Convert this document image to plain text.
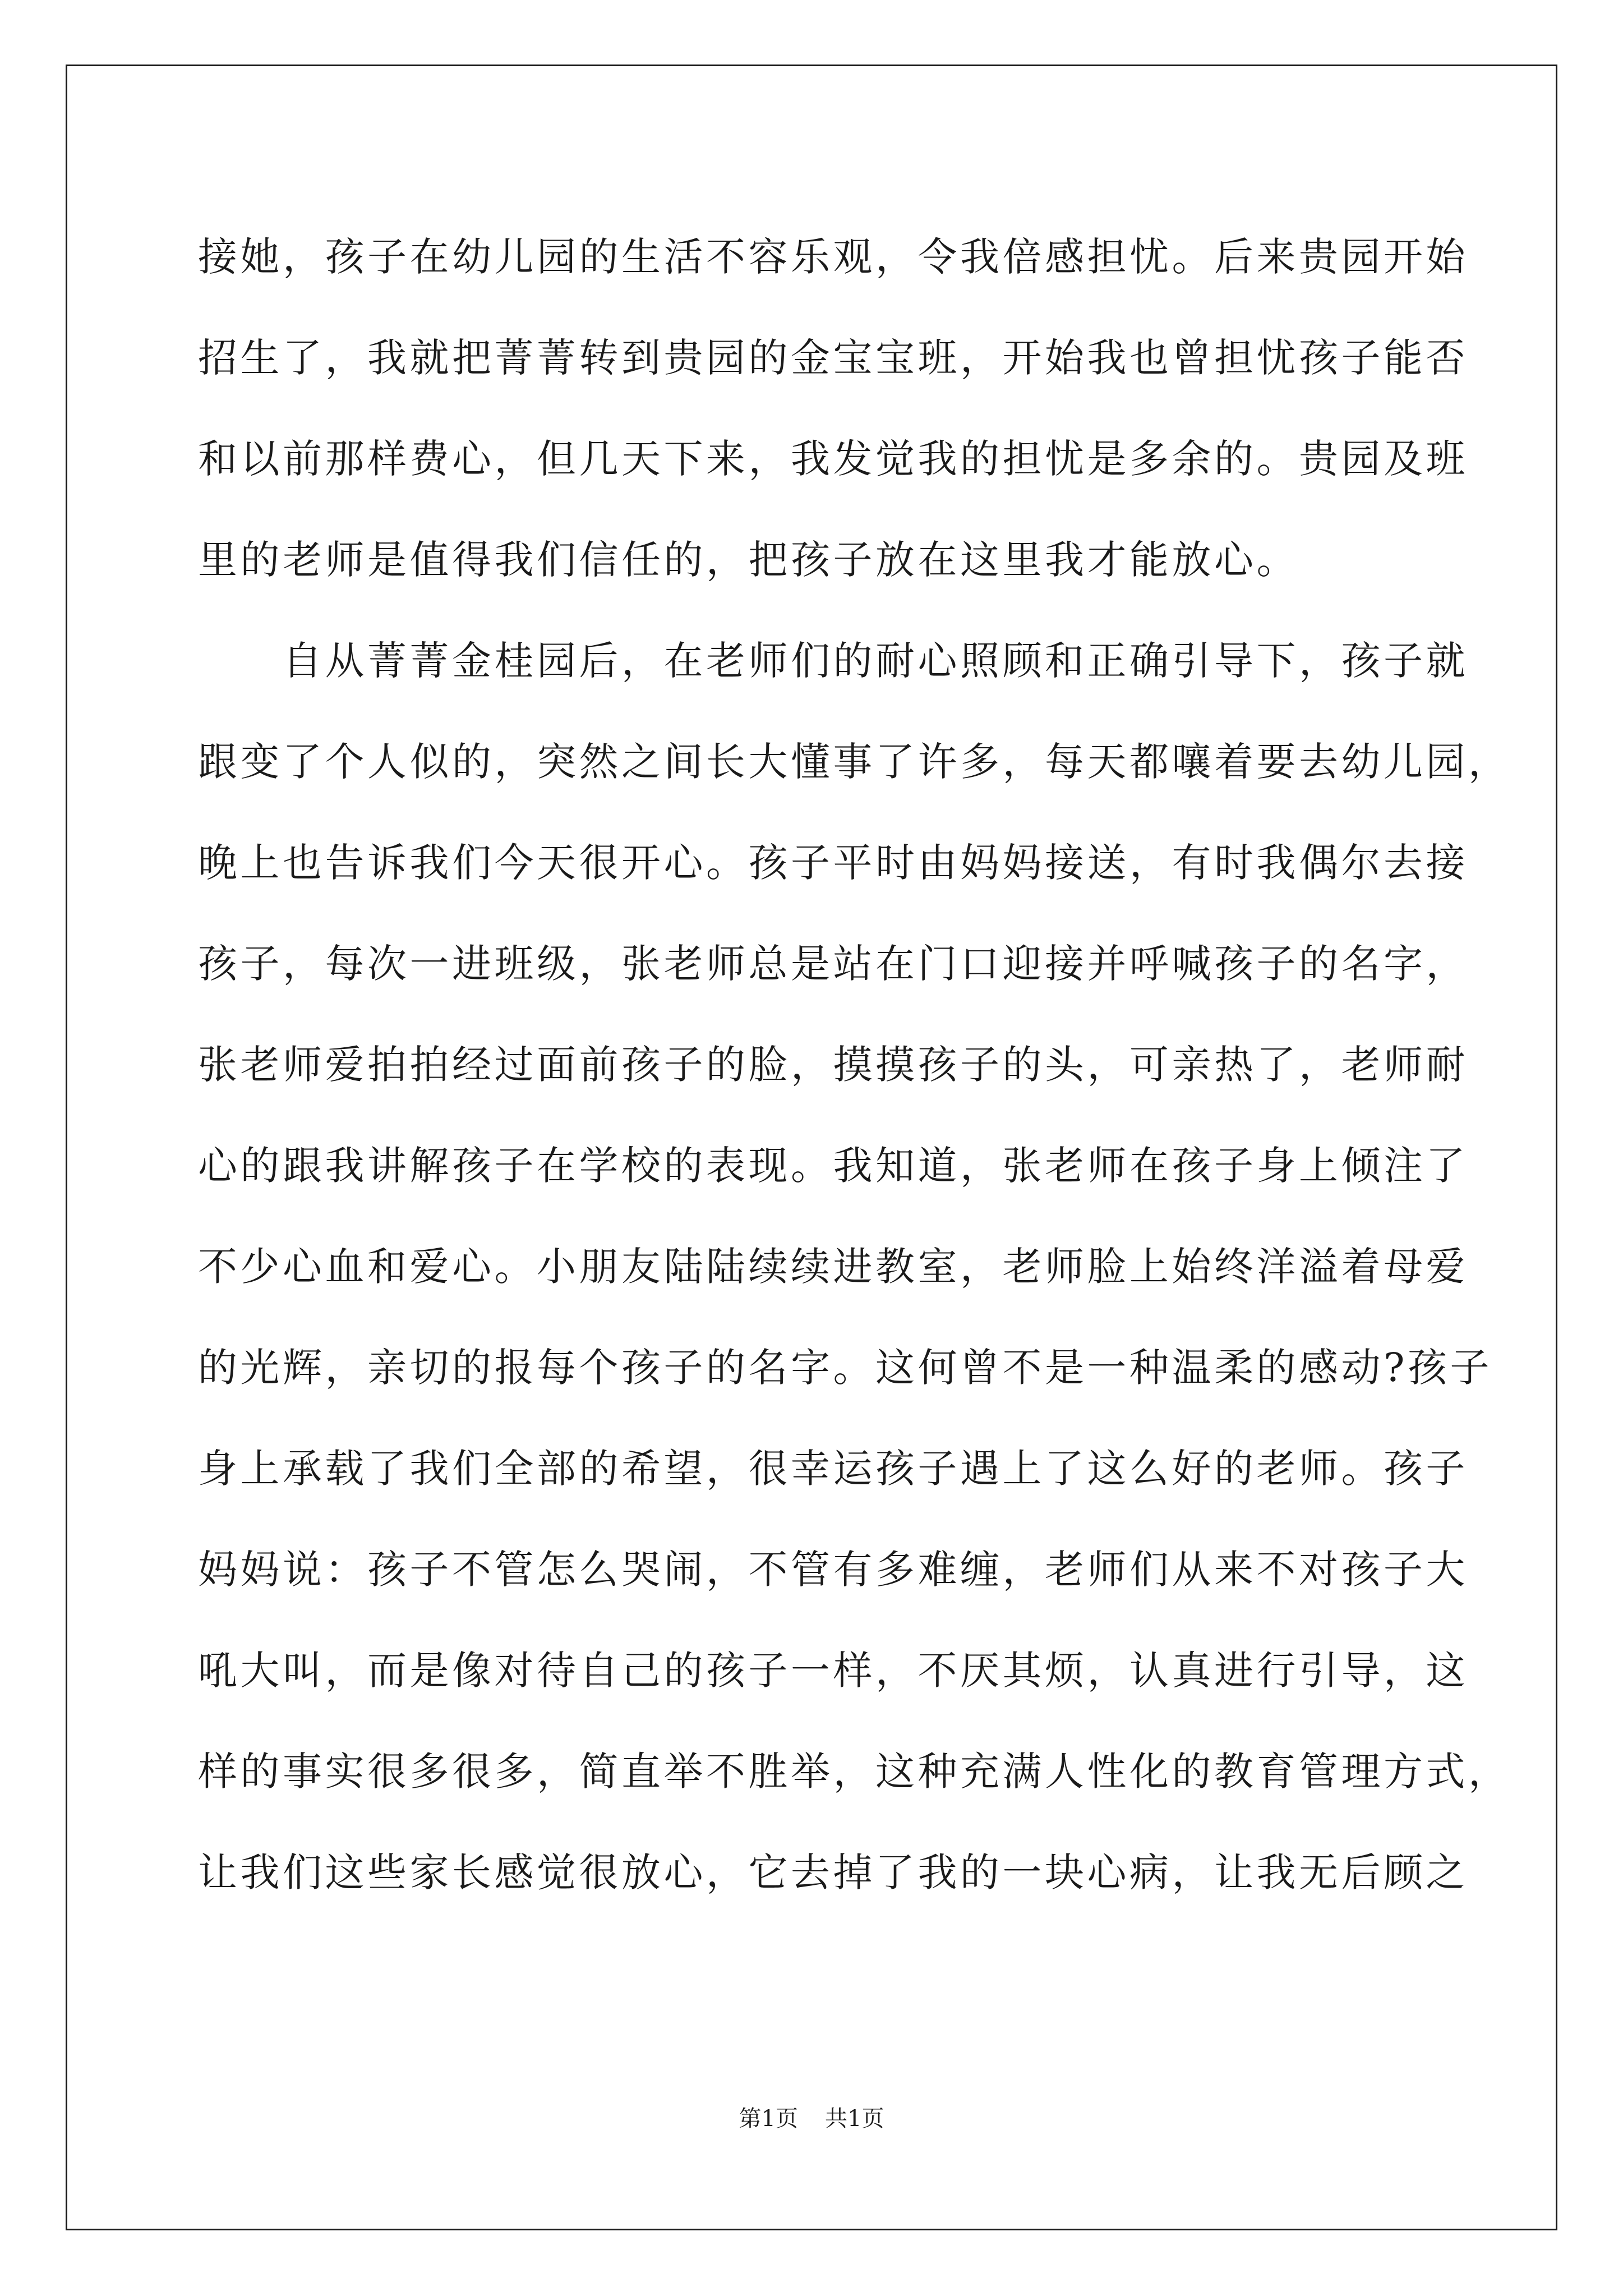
接她，孩子在幼儿园的生活不容乐观，令我倍感担忧。后来贵园开始
招生了，我就把菁菁转到贵园的金宝宝班，开始我也曾担忧孩子能否
和以前那样费心，但几天下来，我发觉我的担忧是多余的。贵园及班
里的老师是值得我们信任的，把孩子放在这里我才能放心。
　　自从菁菁金桂园后，在老师们的耐心照顾和正确引导下，孩子就
跟变了个人似的，突然之间长大懂事了许多，每天都嚷着要去幼儿园，
晚上也告诉我们今天很开心。孩子平时由妈妈接送，有时我偶尔去接
孩子，每次一进班级，张老师总是站在门口迎接并呼喊孩子的名字，
张老师爱拍拍经过面前孩子的脸，摸摸孩子的头，可亲热了，老师耐
心的跟我讲解孩子在学校的表现。我知道，张老师在孩子身上倾注了
不少心血和爱心。小朋友陆陆续续进教室，老师脸上始终洋溢着母爱
的光辉，亲切的报每个孩子的名字。这何曾不是一种温柔的感动?孩子
身上承载了我们全部的希望，很幸运孩子遇上了这么好的老师。孩子
妈妈说：孩子不管怎么哭闹，不管有多难缠，老师们从来不对孩子大
吼大叫，而是像对待自己的孩子一样，不厌其烦，认真进行引导，这
样的事实很多很多，简直举不胜举，这种充满人性化的教育管理方式，
让我们这些家长感觉很放心，它去掉了我的一块心病，让我无后顾之
第1页 共1页
